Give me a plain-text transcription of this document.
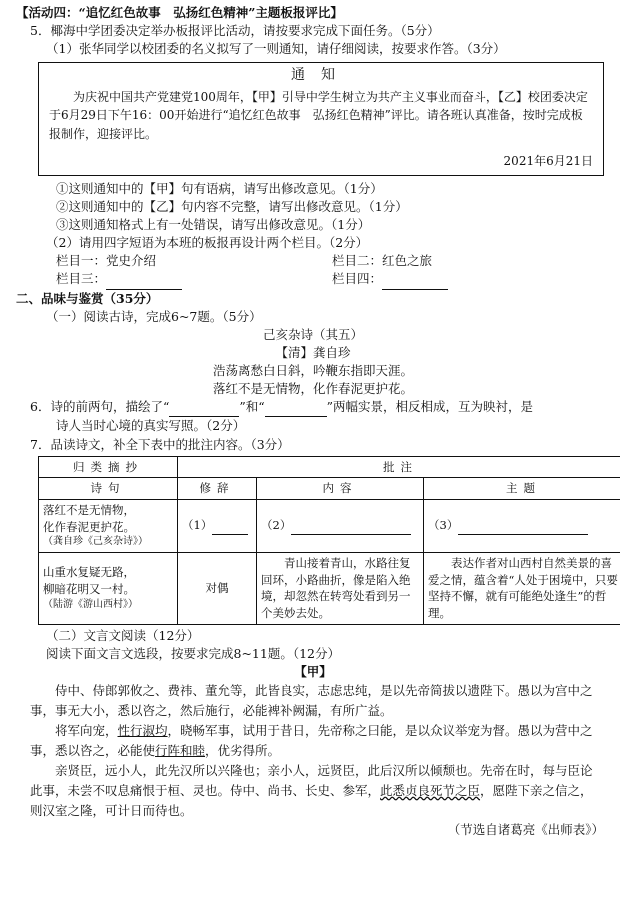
【活动四：“追忆红色故事　弘扬红色精神”主题板报评比】
5．椰海中学团委决定举办板报评比活动，请按要求完成下面任务。（5分）
（1）张华同学以校团委的名义拟写了一则通知，请仔细阅读，按要求作答。（3分）
通知
为庆祝中国共产党建党100周年，【甲】引导中学生树立为共产主义事业而奋斗，【乙】校团委决定于6月29日下午16：00开始进行“追忆红色故事　弘扬红色精神”评比。请各班认真准备，按时完成板报制作，迎接评比。
2021年6月21日
①这则通知中的【甲】句有语病，请写出修改意见。（1分）
②这则通知中的【乙】句内容不完整，请写出修改意见。（1分）
③这则通知格式上有一处错误，请写出修改意见。（1分）
（2）请用四字短语为本班的板报再设计两个栏目。（2分）
栏目一：党史介绍	栏目二：红色之旅
栏目三：	栏目四：
二、品味与鉴赏（35分）
（一）阅读古诗，完成6~7题。（5分）
己亥杂诗（其五）
【清】龚自珍
浩荡离愁白日斜，吟鞭东指即天涯。
落红不是无情物，化作春泥更护花。
6．诗的前两句，描绘了“	”和“	”两幅实景，相反相成，互为映衬，是
诗人当时心境的真实写照。（2分）
7．品读诗文，补全下表中的批注内容。（3分）
归类摘抄	批注		
诗句	修辞	内容	主题

落红不是无情物，
化作春泥更护花。
（龚自珍《己亥杂诗》）	（1）	（2）	（3）

山重水复疑无路，
柳暗花明又一村。
（陆游《游山西村》）	对偶	青山接着青山，水路往复回环，小路曲折，像是陷入绝境，却忽然在转弯处看到另一个美妙去处。	表达作者对山西村自然美景的喜爱之情，蕴含着“人处于困境中，只要坚持不懈，就有可能绝处逢生”的哲理。
（二）文言文阅读（12分）
阅读下面文言文选段，按要求完成8~11题。（12分）
【甲】
侍中、侍郎郭攸之、费祎、董允等，此皆良实，志虑忠纯，是以先帝简拔以遗陛下。愚以为宫中之事，事无大小，悉以咨之，然后施行，必能裨补阙漏，有所广益。
将军向宠，性行淑均，晓畅军事，试用于昔日，先帝称之曰能，是以众议举宠为督。愚以为营中之事，悉以咨之，必能使行阵和睦，优劣得所。
亲贤臣，远小人，此先汉所以兴隆也；亲小人，远贤臣，此后汉所以倾颓也。先帝在时，每与臣论此事，未尝不叹息痛恨于桓、灵也。侍中、尚书、长史、参军，此悉贞良死节之臣，愿陛下亲之信之，则汉室之隆，可计日而待也。
（节选自诸葛亮《出师表》）
